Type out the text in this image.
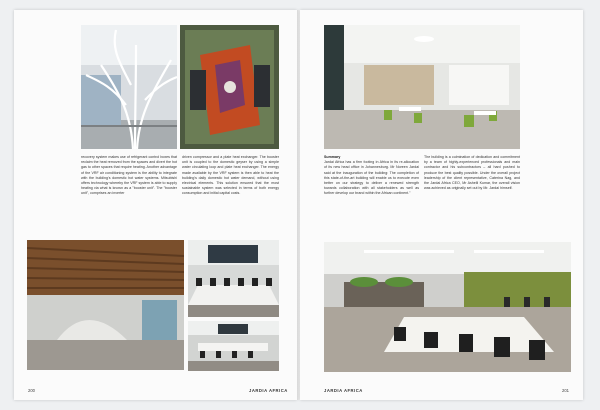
recovery system makes use of refrigerant control boxes that reclaim the heat removed from the spaces and divert the hot gas to other spaces that require heating. Another advantage of the VRF air conditioning system is the ability to integrate with the building's domestic hot water systems. Mitsubishi offers technology whereby the VRF system is able to supply heating via what is known as a "booster unit". The "booster unit", comprises an inverter

driven compressor and a plate heat exchanger. The booster unit is coupled to the domestic geyser by using a simple water circulating loop and plate heat exchanger. The energy made available by the VRF system is then able to heat the building's daily domestic hot water demand, without using electrical elements. This solution ensured that the most sustainable system was selected in terms of both energy consumption and initial capital costs.

200	JARDIA AFRICA
Summary

Jardai Africa has a firm footing in Africa in its re-allocation of its new head office in Johannesburg. Mr Noreen Jardai said at the inauguration of the building: The completion of this state-of-the-art building will enable us to execute even better on our strategy to deliver a renewed strength towards collaboration with all stakeholders as well as further develop our brand within the African continent."

The building is a culmination of dedication and commitment by a team of highly-experienced professionals and main contractor and his subcontractors – all hard pushed to produce the best quality possible. Under the overall project leadership of the client representative, Caterina Nag, and the Jardai Africa CEO, Mr Ashelli Kumar, the overall vision was achieved as originally set out by Mr. Jardai himself.

JARDIA AFRICA	201
